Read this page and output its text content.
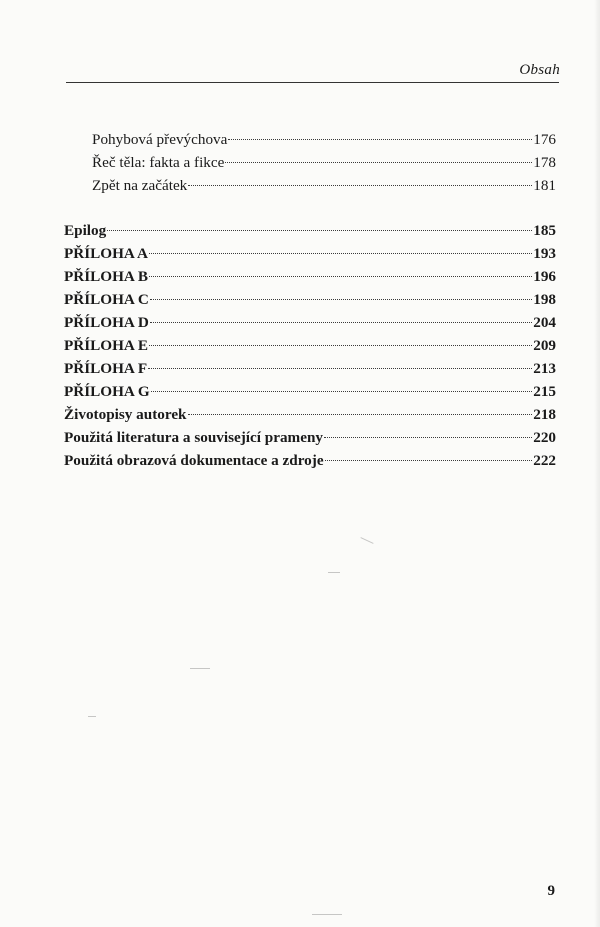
Obsah
Pohybová převýchova	176
Řeč těla: fakta a fikce	178
Zpět na začátek	181
Epilog	185
PŘÍLOHA A	193
PŘÍLOHA B	196
PŘÍLOHA C	198
PŘÍLOHA D	204
PŘÍLOHA E	209
PŘÍLOHA F	213
PŘÍLOHA G	215
Životopisy autorek	218
Použitá literatura a související prameny	220
Použitá obrazová dokumentace a zdroje	222
9
